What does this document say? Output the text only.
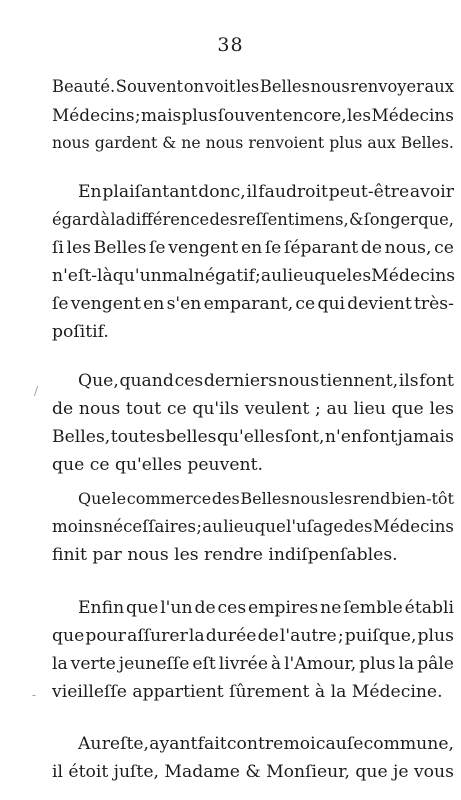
38
Beauté. Souvent on voit les Belles nous renvoyer aux
Médecins ; mais plus ſouvent encore, les Médecins
nous gardent & ne nous renvoient plus aux Belles.
En plaiſantant donc, il faudroit peut-être avoir
égard à la différence des reſſentimens, & ſonger que,
ſi les Belles ſe vengent en ſe ſéparant de nous, ce
n'eſt-là qu'un mal négatif ; au lieu que les Médecins
ſe vengent en s'en emparant, ce qui devient très-
poſitif.
Que, quand ces derniers nous tiennent, ils font
de nous tout ce qu'ils veulent ; au lieu que les
Belles, toutes belles qu'elles ſont, n'en font jamais
que ce qu'elles peuvent.
Que le commerce des Belles nous les rend bien-tôt
moins néceſſaires ; au lieu que l'uſage des Médecins
finit par nous les rendre indiſpenſables.
Enfin que l'un de ces empires ne ſemble établi
que pour aſſurer la durée de l'autre ; puiſque, plus
la verte jeuneſſe eſt livrée à l'Amour, plus la pâle
vieilleſſe appartient ſûrement à la Médecine.
Au reſte, ayant fait contre moi cauſe commune,
il étoit juſte, Madame & Monſieur, que je vous
/
-
